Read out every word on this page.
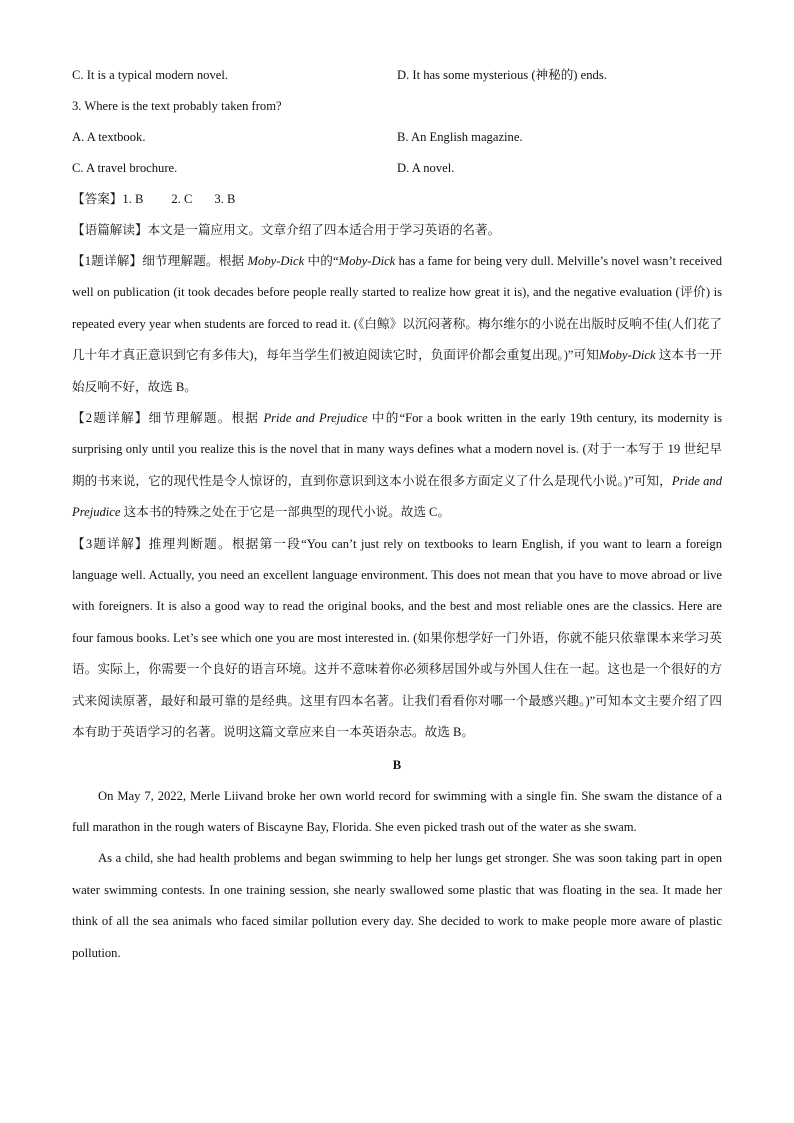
C. It is a typical modern novel.	D. It has some mysterious (神秘的) ends.
3. Where is the text probably taken from?
A. A textbook.	B. An English magazine.
C. A travel brochure.	D. A novel.
【答案】1. B 2. C 3. B
【语篇解读】本文是一篇应用文。文章介绍了四本适合用于学习英语的名著。

【1题详解】细节理解题。根据 Moby-Dick 中的“Moby-Dick has a fame for being very dull. Melville’s novel wasn’t received well on publication (it took decades before people really started to realize how great it is), and the negative evaluation (评价) is repeated every year when students are forced to read it. (《白鲸》以沉闷著称。梅尔维尔的小说在出版时反响不佳(人们花了几十年才真正意识到它有多伟大)，每年当学生们被迫阅读它时，负面评价都会重复出现。)”可知Moby-Dick 这本书一开始反响不好，故选 B。

【2题详解】细节理解题。根据 Pride and Prejudice 中的“For a book written in the early 19th century, its modernity is surprising only until you realize this is the novel that in many ways defines what a modern novel is. (对于一本写于 19 世纪早期的书来说，它的现代性是令人惊讶的，直到你意识到这本小说在很多方面定义了什么是现代小说。)”可知，Pride and Prejudice 这本书的特殊之处在于它是一部典型的现代小说。故选 C。

【3题详解】推理判断题。根据第一段“You can’t just rely on textbooks to learn English, if you want to learn a foreign language well. Actually, you need an excellent language environment. This does not mean that you have to move abroad or live with foreigners. It is also a good way to read the original books, and the best and most reliable ones are the classics. Here are four famous books. Let’s see which one you are most interested in. (如果你想学好一门外语，你就不能只依靠课本来学习英语。实际上，你需要一个良好的语言环境。这并不意味着你必须移居国外或与外国人住在一起。这也是一个很好的方式来阅读原著，最好和最可靠的是经典。这里有四本名著。让我们看看你对哪一个最感兴趣。)”可知本文主要介绍了四本有助于英语学习的名著。说明这篇文章应来自一本英语杂志。故选 B。

B

On May 7, 2022, Merle Liivand broke her own world record for swimming with a single fin. She swam the distance of a full marathon in the rough waters of Biscayne Bay, Florida. She even picked trash out of the water as she swam.

As a child, she had health problems and began swimming to help her lungs get stronger. She was soon taking part in open water swimming contests. In one training session, she nearly swallowed some plastic that was floating in the sea. It made her think of all the sea animals who faced similar pollution every day. She decided to work to make people more aware of plastic pollution.
